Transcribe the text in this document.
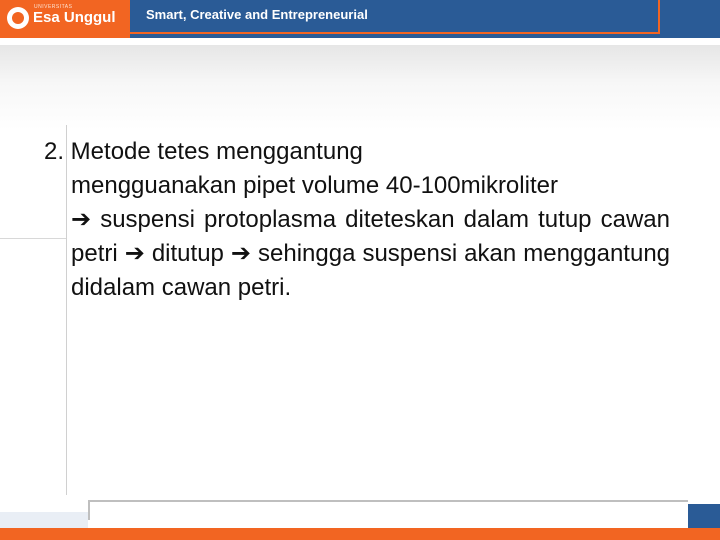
UNIVERSITAS
Esa Unggul Smart, Creative and Entrepreneurial

2. Metode tetes menggantung

mengguanakan pipet volume 40-100mikroliter
➔ suspensi protoplasma diteteskan dalam tutup cawan petri ➔ ditutup ➔ sehingga suspensi akan menggantung didalam cawan petri.
